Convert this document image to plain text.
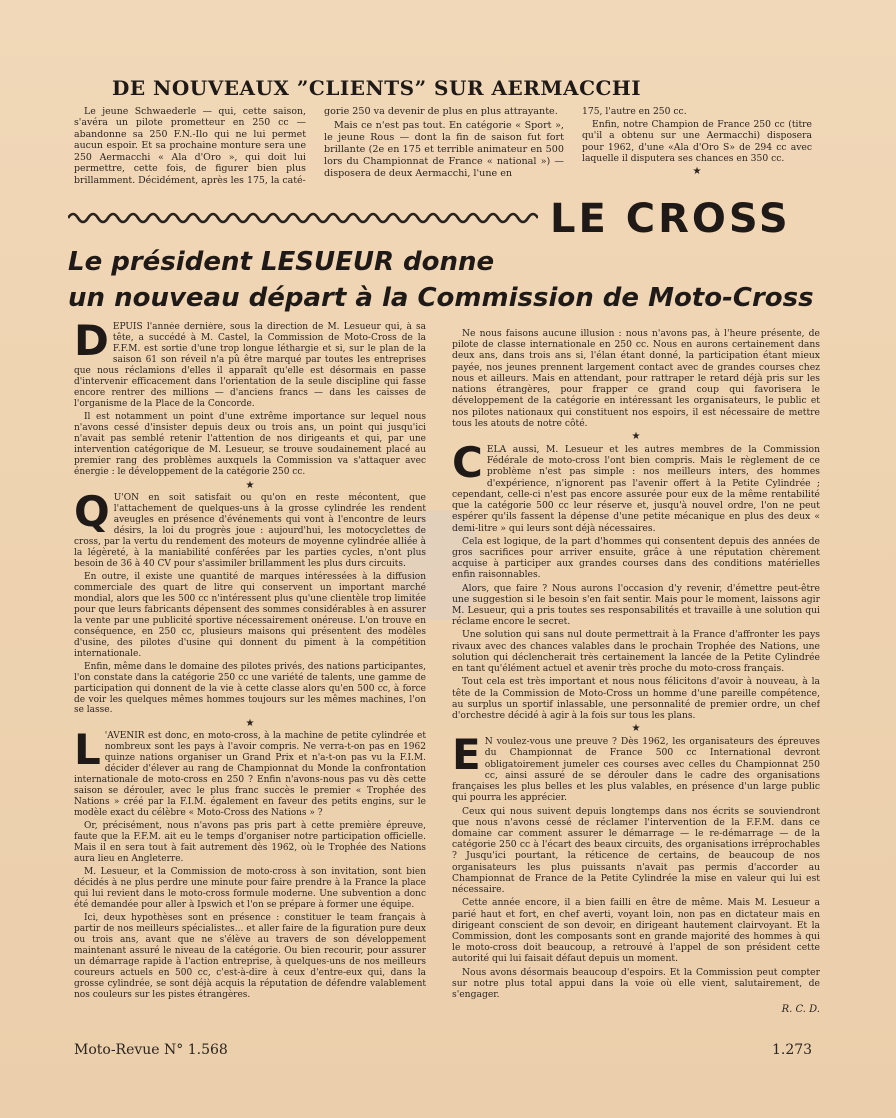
DE NOUVEAUX ”CLIENTS” SUR AERMACCHI

Le jeune Schwaederle — qui, cette saison, s'avéra un pilote prometteur en 250 cc — abandonne sa 250 F.N.-Ilo qui ne lui permet aucun espoir. Et sa prochaine monture sera une 250 Aermacchi « Ala d'Oro », qui doit lui permettre, cette fois, de figurer bien plus brillamment. Décidément, après les 175, la caté-

gorie 250 va devenir de plus en plus attrayante.

Mais ce n'est pas tout. En catégorie « Sport », le jeune Rous — dont la fin de saison fut fort brillante (2e en 175 et terrible animateur en 500 lors du Championnat de France « national ») — disposera de deux Aermacchi, l'une en

175, l'autre en 250 cc.

Enfin, notre Champion de France 250 cc (titre qu'il a obtenu sur une Aermacchi) disposera pour 1962, d'une «Ala d'Oro S» de 294 cc avec laquelle il disputera ses chances en 350 cc.

★
LE CROSS
Le président LESUEUR donne
un nouveau départ à la Commission de Moto-Cross

DEPUIS l'année dernière, sous la direction de M. Lesueur qui, à sa tête, a succédé à M. Castel, la Commission de Moto-Cross de la F.F.M. est sortie d'une trop longue léthargie et si, sur le plan de la saison 61 son réveil n'a pû être marqué par toutes les entreprises que nous réclamions d'elles il apparaît qu'elle est désormais en passe d'intervenir efficacement dans l'orientation de la seule discipline qui fasse encore rentrer des millions — d'anciens francs — dans les caisses de l'organisme de la Place de la Concorde.

Il est notamment un point d'une extrême importance sur lequel nous n'avons cessé d'insister depuis deux ou trois ans, un point qui jusqu'ici n'avait pas semblé retenir l'attention de nos dirigeants et qui, par une intervention catégorique de M. Lesueur, se trouve soudainement placé au premier rang des problèmes auxquels la Commission va s'attaquer avec énergie : le développement de la catégorie 250 cc.

★

Q U'ON en soit satisfait ou qu'on en reste mécontent, que l'attachement de quelques-uns à la grosse cylindrée les rendent aveugles en présence d'événements qui vont à l'encontre de leurs désirs, la loi du progrès joue : aujourd'hui, les motocyclettes de cross, par la vertu du rendement des moteurs de moyenne cylindrée alliée à la légèreté, à la maniabilité conférées par les parties cycles, n'ont plus besoin de 36 à 40 CV pour s'assimiler brillamment les plus durs circuits.

En outre, il existe une quantité de marques intéressées à la diffusion commerciale des quart de litre qui conservent un important marché mondial, alors que les 500 cc n'intéressent plus qu'une clientèle trop limitée pour que leurs fabricants dépensent des sommes considérables à en assurer la vente par une publicité sportive nécessairement onéreuse. L'on trouve en conséquence, en 250 cc, plusieurs maisons qui présentent des modèles d'usine, des pilotes d'usine qui donnent du piment à la compétition internationale.

Enfin, même dans le domaine des pilotes privés, des nations participantes, l'on constate dans la catégorie 250 cc une variété de talents, une gamme de participation qui donnent de la vie à cette classe alors qu'en 500 cc, à force de voir les quelques mêmes hommes toujours sur les mêmes machines, l'on se lasse.

★

L 'AVENIR est donc, en moto-cross, à la machine de petite cylindrée et nombreux sont les pays à l'avoir compris. Ne verra-t-on pas en 1962 quinze nations organiser un Grand Prix et n'a-t-on pas vu la F.I.M. décider d'élever au rang de Championnat du Monde la confrontation internationale de moto-cross en 250 ? Enfin n'avons-nous pas vu dès cette saison se dérouler, avec le plus franc succès le premier « Trophée des Nations » créé par la F.I.M. également en faveur des petits engins, sur le modèle exact du célèbre « Moto-Cross des Nations » ?

Or, précisément, nous n'avons pas pris part à cette première épreuve, faute que la F.F.M. ait eu le temps d'organiser notre participation officielle. Mais il en sera tout à fait autrement dès 1962, où le Trophée des Nations aura lieu en Angleterre.

M. Lesueur, et la Commission de moto-cross à son invitation, sont bien décidés à ne plus perdre une minute pour faire prendre à la France la place qui lui revient dans le moto-cross formule moderne. Une subvention a donc été demandée pour aller à Ipswich et l'on se prépare à former une équipe.

Ici, deux hypothèses sont en présence : constituer le team français à partir de nos meilleurs spécialistes... et aller faire de la figuration pure deux ou trois ans, avant que ne s'élève au travers de son développement maintenant assuré le niveau de la catégorie. Ou bien recourir, pour assurer un démarrage rapide à l'action entreprise, à quelques-uns de nos meilleurs coureurs actuels en 500 cc, c'est-à-dire à ceux d'entre-eux qui, dans la grosse cylindrée, se sont déjà acquis la réputation de défendre valablement nos couleurs sur les pistes étrangères.

Ne nous faisons aucune illusion : nous n'avons pas, à l'heure présente, de pilote de classe internationale en 250 cc. Nous en aurons certainement dans deux ans, dans trois ans si, l'élan étant donné, la participation étant mieux payée, nos jeunes prennent largement contact avec de grandes courses chez nous et ailleurs. Mais en attendant, pour rattraper le retard déjà pris sur les nations étrangères, pour frapper ce grand coup qui favorisera le développement de la catégorie en intéressant les organisateurs, le public et nos pilotes nationaux qui constituent nos espoirs, il est nécessaire de mettre tous les atouts de notre côté.

★

CELA aussi, M. Lesueur et les autres membres de la Commission Fédérale de moto-cross l'ont bien compris. Mais le règlement de ce problème n'est pas simple : nos meilleurs inters, des hommes d'expérience, n'ignorent pas l'avenir offert à la Petite Cylindrée ; cependant, celle-ci n'est pas encore assurée pour eux de la même rentabilité que la catégorie 500 cc leur réserve et, jusqu'à nouvel ordre, l'on ne peut espérer qu'ils fassent la dépense d'une petite mécanique en plus des deux « demi-litre » qui leurs sont déjà nécessaires.

Cela est logique, de la part d'hommes qui consentent depuis des années de gros sacrifices pour arriver ensuite, grâce à une réputation chèrement acquise à participer aux grandes courses dans des conditions matérielles enfin raisonnables.

Alors, que faire ? Nous aurons l'occasion d'y revenir, d'émettre peut-être une suggestion si le besoin s'en fait sentir. Mais pour le moment, laissons agir M. Lesueur, qui a pris toutes ses responsabilités et travaille à une solution qui réclame encore le secret.

Une solution qui sans nul doute permettrait à la France d'affronter les pays rivaux avec des chances valables dans le prochain Trophée des Nations, une solution qui déclencherait très certainement la lancée de la Petite Cylindrée en tant qu'élément actuel et avenir très proche du moto-cross français.

Tout cela est très important et nous nous félicitons d'avoir à nouveau, à la tête de la Commission de Moto-Cross un homme d'une pareille compétence, au surplus un sportif inlassable, une personnalité de premier ordre, un chef d'orchestre décidé à agir à la fois sur tous les plans.

★

E N voulez-vous une preuve ? Dès 1962, les organisateurs des épreuves du Championnat de France 500 cc International devront obligatoirement jumeler ces courses avec celles du Championnat 250 cc, ainsi assuré de se dérouler dans le cadre des organisations françaises les plus belles et les plus valables, en présence d'un large public qui pourra les apprécier.

Ceux qui nous suivent depuis longtemps dans nos écrits se souviendront que nous n'avons cessé de réclamer l'intervention de la F.F.M. dans ce domaine car comment assurer le démarrage — le re-démarrage — de la catégorie 250 cc à l'écart des beaux circuits, des organisations irréprochables ? Jusqu'ici pourtant, la réticence de certains, de beaucoup de nos organisateurs les plus puissants n'avait pas permis d'accorder au Championnat de France de la Petite Cylindrée la mise en valeur qui lui est nécessaire.

Cette année encore, il a bien failli en être de même. Mais M. Lesueur a parié haut et fort, en chef averti, voyant loin, non pas en dictateur mais en dirigeant conscient de son devoir, en dirigeant hautement clairvoyant. Et la Commission, dont les composants sont en grande majorité des hommes à qui le moto-cross doit beaucoup, a retrouvé à l'appel de son président cette autorité qui lui faisait défaut depuis un moment.

Nous avons désormais beaucoup d'espoirs. Et la Commission peut compter sur notre plus total appui dans la voie où elle vient, salutairement, de s'engager.

R. C. D.
Moto-Revue N° 1.568	1.273
